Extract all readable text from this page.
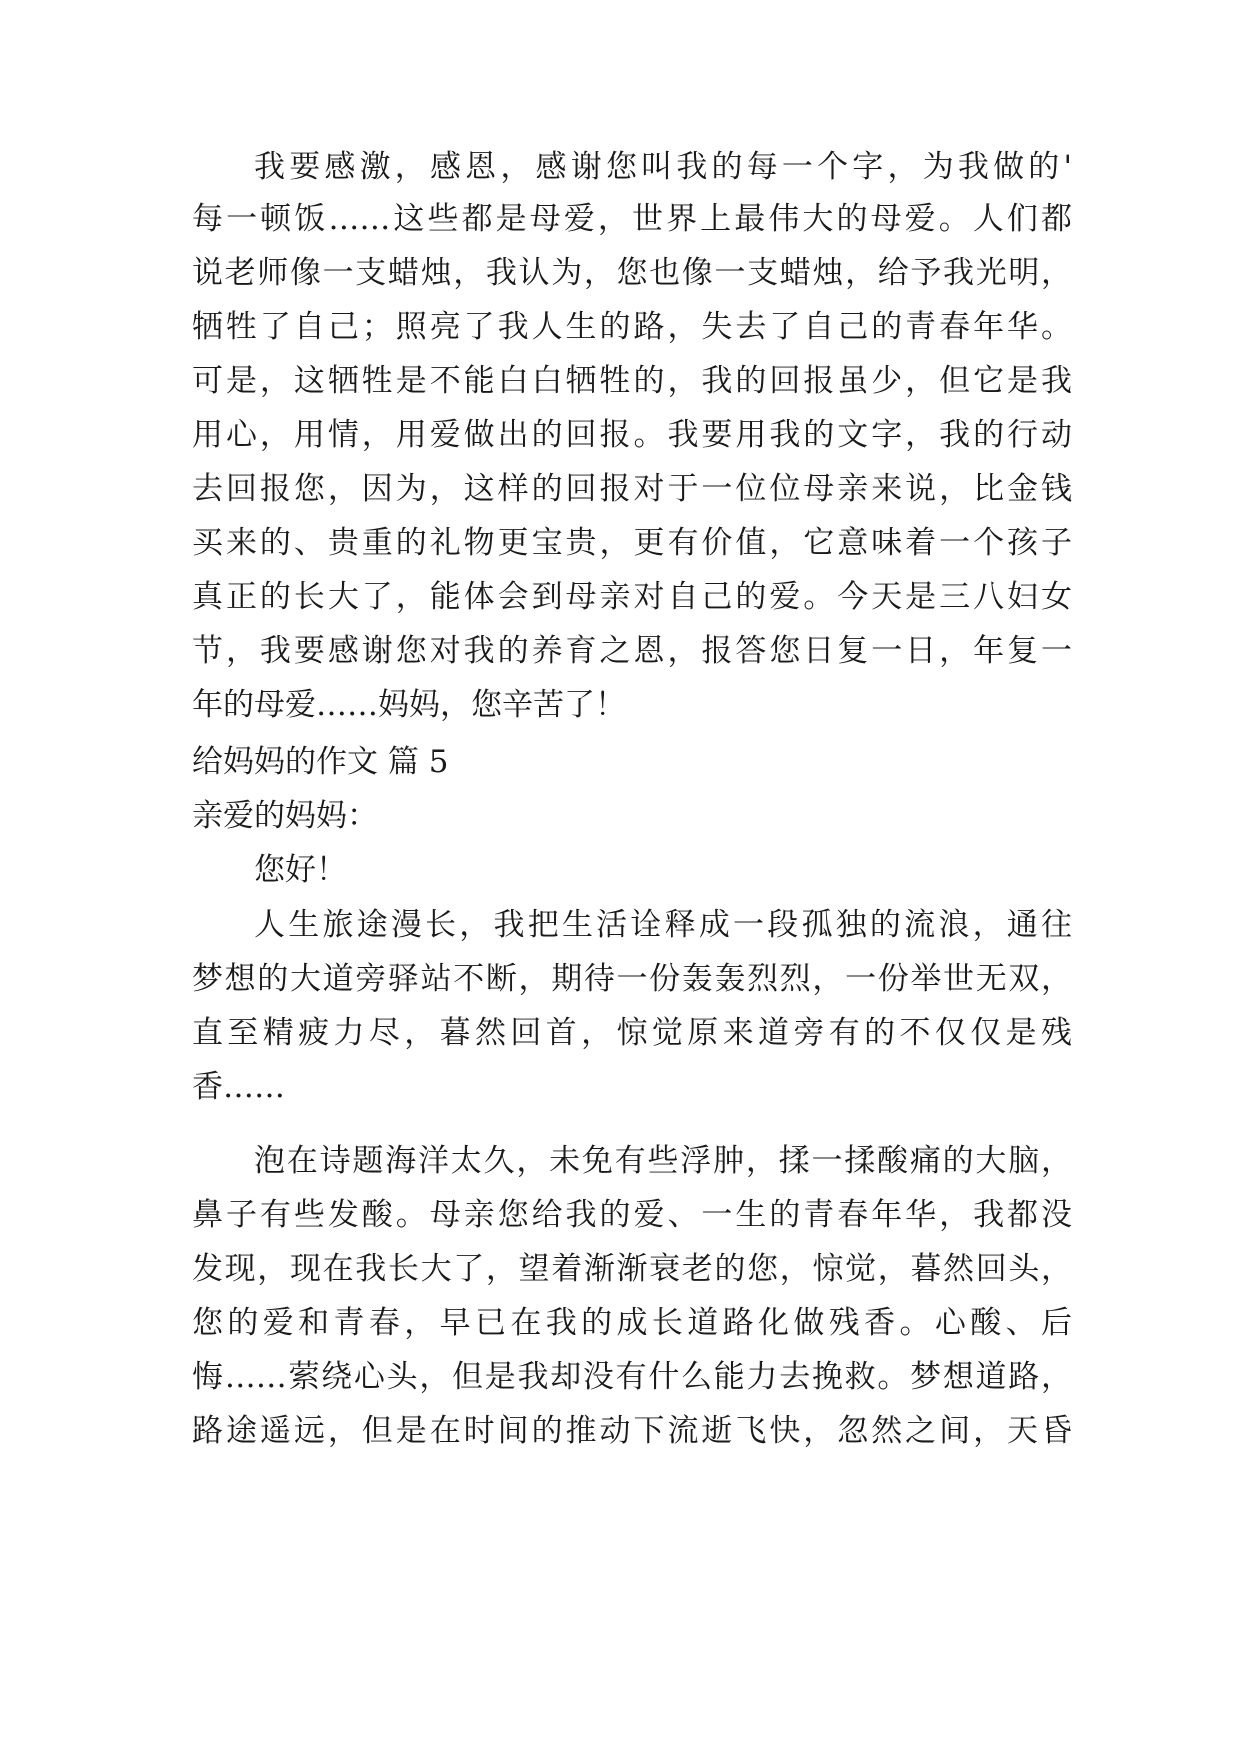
我要感激，感恩，感谢您叫我的每一个字，为我做的'
每一顿饭……这些都是母爱，世界上最伟大的母爱。人们都
说老师像一支蜡烛，我认为，您也像一支蜡烛，给予我光明，
牺牲了自己；照亮了我人生的路，失去了自己的青春年华。
可是，这牺牲是不能白白牺牲的，我的回报虽少，但它是我
用心，用情，用爱做出的回报。我要用我的文字，我的行动
去回报您，因为，这样的回报对于一位位母亲来说，比金钱
买来的、贵重的礼物更宝贵，更有价值，它意味着一个孩子
真正的长大了，能体会到母亲对自己的爱。今天是三八妇女
节，我要感谢您对我的养育之恩，报答您日复一日，年复一
年的母爱……妈妈，您辛苦了！
给妈妈的作文 篇 5
亲爱的妈妈：
您好！
人生旅途漫长，我把生活诠释成一段孤独的流浪，通往
梦想的大道旁驿站不断，期待一份轰轰烈烈，一份举世无双，
直至精疲力尽，暮然回首，惊觉原来道旁有的不仅仅是残
香……
泡在诗题海洋太久，未免有些浮肿，揉一揉酸痛的大脑，
鼻子有些发酸。母亲您给我的爱、一生的青春年华，我都没
发现，现在我长大了，望着渐渐衰老的您，惊觉，暮然回头，
您的爱和青春，早已在我的成长道路化做残香。心酸、后
悔……萦绕心头，但是我却没有什么能力去挽救。梦想道路，
路途遥远，但是在时间的推动下流逝飞快，忽然之间，天昏
